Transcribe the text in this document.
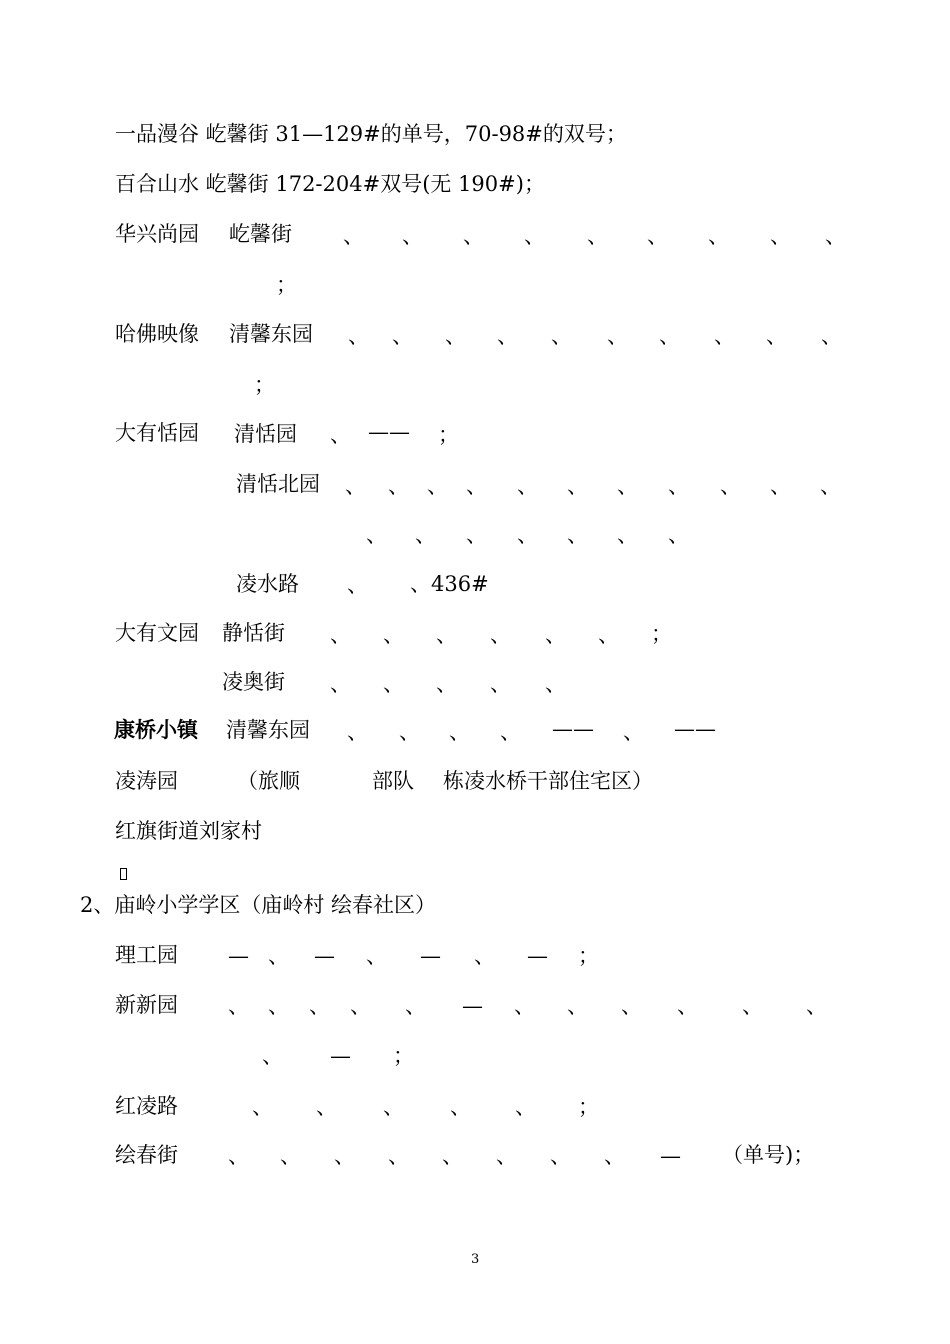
一品漫谷 屹馨街 31—129#的单号，70-98#的双号；
百合山水 屹馨街 172-204#双号(无 190#)；
华兴尚园 屹馨街 、 、 、 、 、 、 、 、 、
；
哈佛映像 清馨东园 、 、 、 、 、 、 、 、 、 、
；
大有恬园 清恬园 、 —— ；
清恬北园 、 、 、 、 、 、 、 、 、 、 、
、 、 、 、 、 、 、
凌水路 、 、436#
大有文园 静恬街 、 、 、 、 、 、 ；
凌奥街 、 、 、 、 、
康桥小镇 清馨东园 、 、 、 、	、
——	——
凌涛园	（旅顺	部队 栋凌水桥干部住宅区）
红旗街道刘家村
2、庙岭小学学区（庙岭村 绘春社区）
理工园 — 、 — 、 — 、 — ；
新新园 、 、 、 、 、 — 、 、 、 、 、 、
、 — ；
红凌路	、 、 、 、 、 ；
绘春街 、 、 、 、 、 、 、 、 — （单号)；
3
